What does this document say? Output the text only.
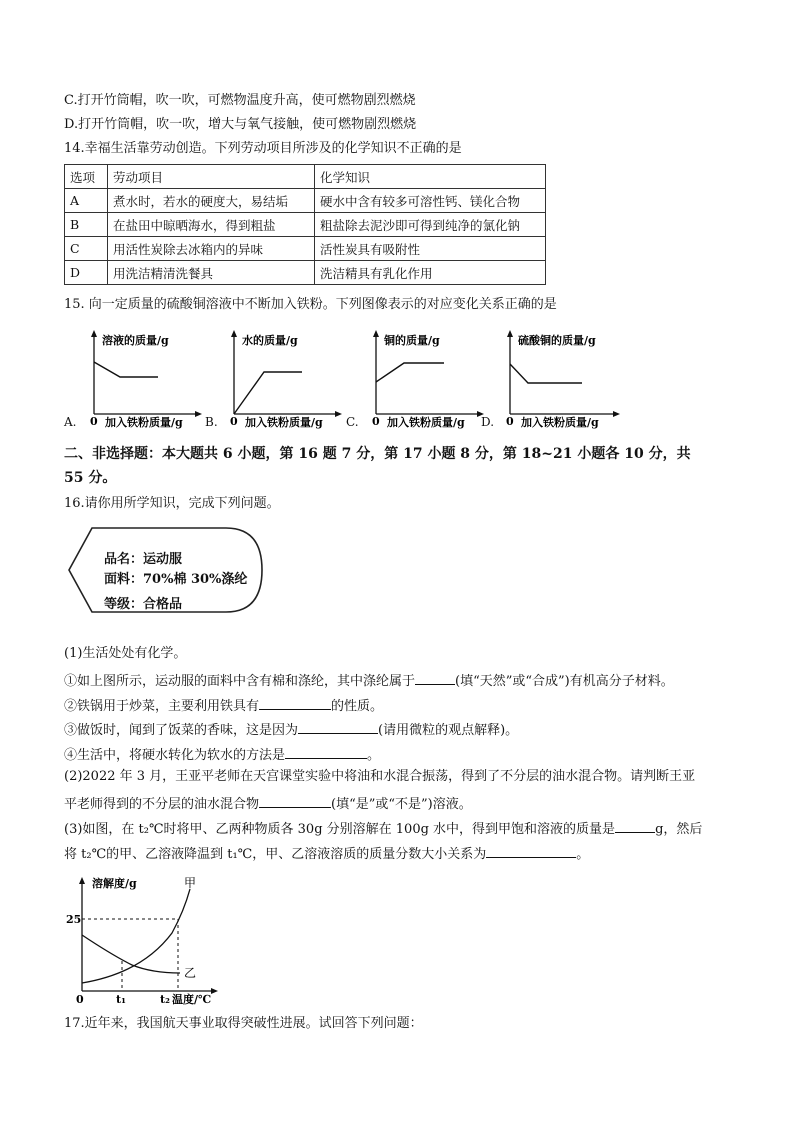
C.打开竹筒帽，吹一吹，可燃物温度升高，使可燃物剧烈燃烧
D.打开竹筒帽，吹一吹，增大与氧气接触，使可燃物剧烈燃烧
14.幸福生活靠劳动创造。下列劳动项目所涉及的化学知识不正确的是
选项	劳动项目	化学知识
A	煮水时，若水的硬度大，易结垢	硬水中含有较多可溶性钙、镁化合物
B	在盐田中晾晒海水，得到粗盐	粗盐除去泥沙即可得到纯净的氯化钠
C	用活性炭除去冰箱内的异味	活性炭具有吸附性
D	用洗洁精清洗餐具	洗洁精具有乳化作用
15. 向一定质量的硫酸铜溶液中不断加入铁粉。下列图像表示的对应变化关系正确的是
A.
溶液的质量/g
0 加入铁粉质量/g B.
水的质量/g
0 加入铁粉质量/g C.
铜的质量/g
0 加入铁粉质量/g D.
硫酸铜的质量/g
0 加入铁粉质量/g
二、非选择题：本大题共 6 小题，第 16 题 7 分，第 17 小题 8 分，第 18~21 小题各 10 分，共
55 分。
16.请你用所学知识，完成下列问题。
品名：运动服
面料：70%棉 30%涤纶
等级：合格品
(1)生活处处有化学。
①如上图所示，运动服的面料中含有棉和涤纶，其中涤纶属于	(填“天然”或“合成”)有机高分子材料。
②铁锅用于炒菜，主要利用铁具有	的性质。
③做饭时，闻到了饭菜的香味，这是因为	(请用微粒的观点解释)。
④生活中，将硬水转化为软水的方法是	。
(2)2022 年 3 月，王亚平老师在天宫课堂实验中将油和水混合振荡，得到了不分层的油水混合物。请判断王亚
平老师得到的不分层的油水混合物	(填“是”或“不是”)溶液。
(3)如图，在 t₂℃时将甲、乙两种物质各 30g 分别溶解在 100g 水中，得到甲饱和溶液的质量是	g，然后
将 t₂℃的甲、乙溶液降温到 t₁℃，甲、乙溶液溶质的质量分数大小关系为	。
溶解度/g	甲
乙
25
0	t₁	t₂ 温度/℃
17.近年来，我国航天事业取得突破性进展。试回答下列问题：
